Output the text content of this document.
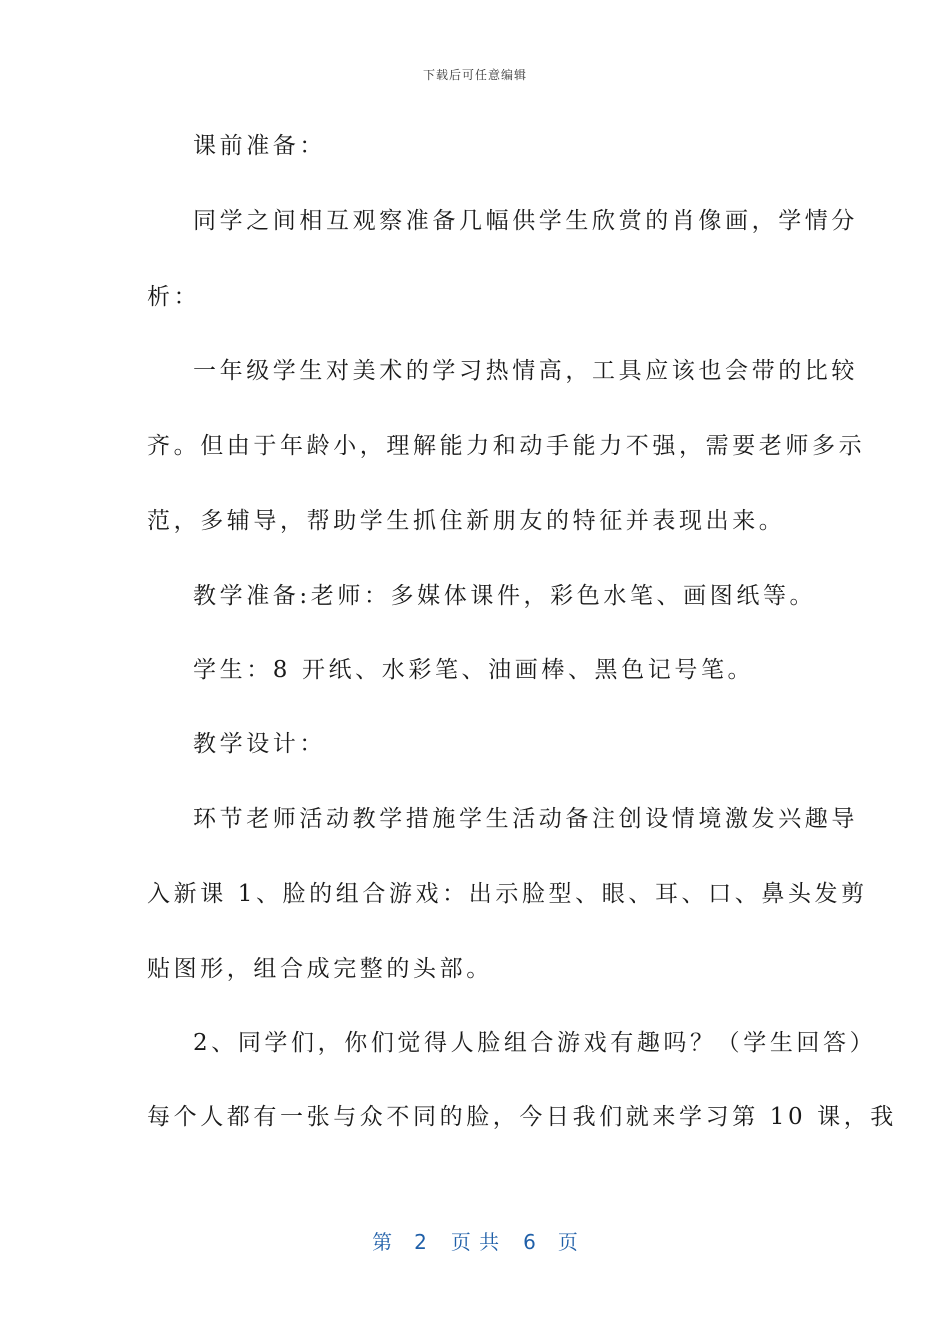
下载后可任意编辑
课前准备：
同学之间相互观察准备几幅供学生欣赏的肖像画，学情分
析：
一年级学生对美术的学习热情高，工具应该也会带的比较
齐。但由于年龄小，理解能力和动手能力不强，需要老师多示
范，多辅导，帮助学生抓住新朋友的特征并表现出来。
教学准备:老师：多媒体课件，彩色水笔、画图纸等。
学生：8 开纸、水彩笔、油画棒、黑色记号笔。
教学设计：
环节老师活动教学措施学生活动备注创设情境激发兴趣导
入新课 1、脸的组合游戏：出示脸型、眼、耳、口、鼻头发剪
贴图形，组合成完整的头部。
2、同学们，你们觉得人脸组合游戏有趣吗？（学生回答）
每个人都有一张与众不同的脸，今日我们就来学习第 10 课，我
第 2 页 共 6 页
